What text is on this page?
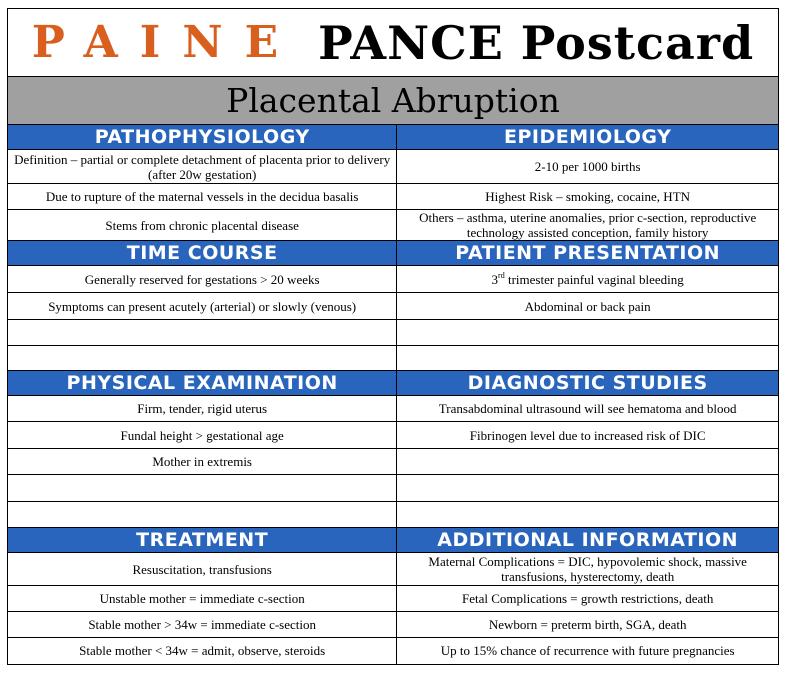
PAINE PANCE Postcard
Placental Abruption
PATHOPHYSIOLOGY	EPIDEMIOLOGY
Definition – partial or complete detachment of placenta prior to delivery (after 20w gestation)	2-10 per 1000 births
Due to rupture of the maternal vessels in the decidua basalis	Highest Risk – smoking, cocaine, HTN
Stems from chronic placental disease	Others – asthma, uterine anomalies, prior c-section, reproductive technology assisted conception, family history
TIME COURSE	PATIENT PRESENTATION
Generally reserved for gestations > 20 weeks	3rd trimester painful vaginal bleeding
Symptoms can present acutely (arterial) or slowly (venous)	Abdominal or back pain

PHYSICAL EXAMINATION	DIAGNOSTIC STUDIES
Firm, tender, rigid uterus	Transabdominal ultrasound will see hematoma and blood
Fundal height > gestational age	Fibrinogen level due to increased risk of DIC
Mother in extremis	

TREATMENT	ADDITIONAL INFORMATION
Resuscitation, transfusions	Maternal Complications = DIC, hypovolemic shock, massive transfusions, hysterectomy, death
Unstable mother = immediate c-section	Fetal Complications = growth restrictions, death
Stable mother > 34w = immediate c-section	Newborn = preterm birth, SGA, death
Stable mother < 34w = admit, observe, steroids	Up to 15% chance of recurrence with future pregnancies
